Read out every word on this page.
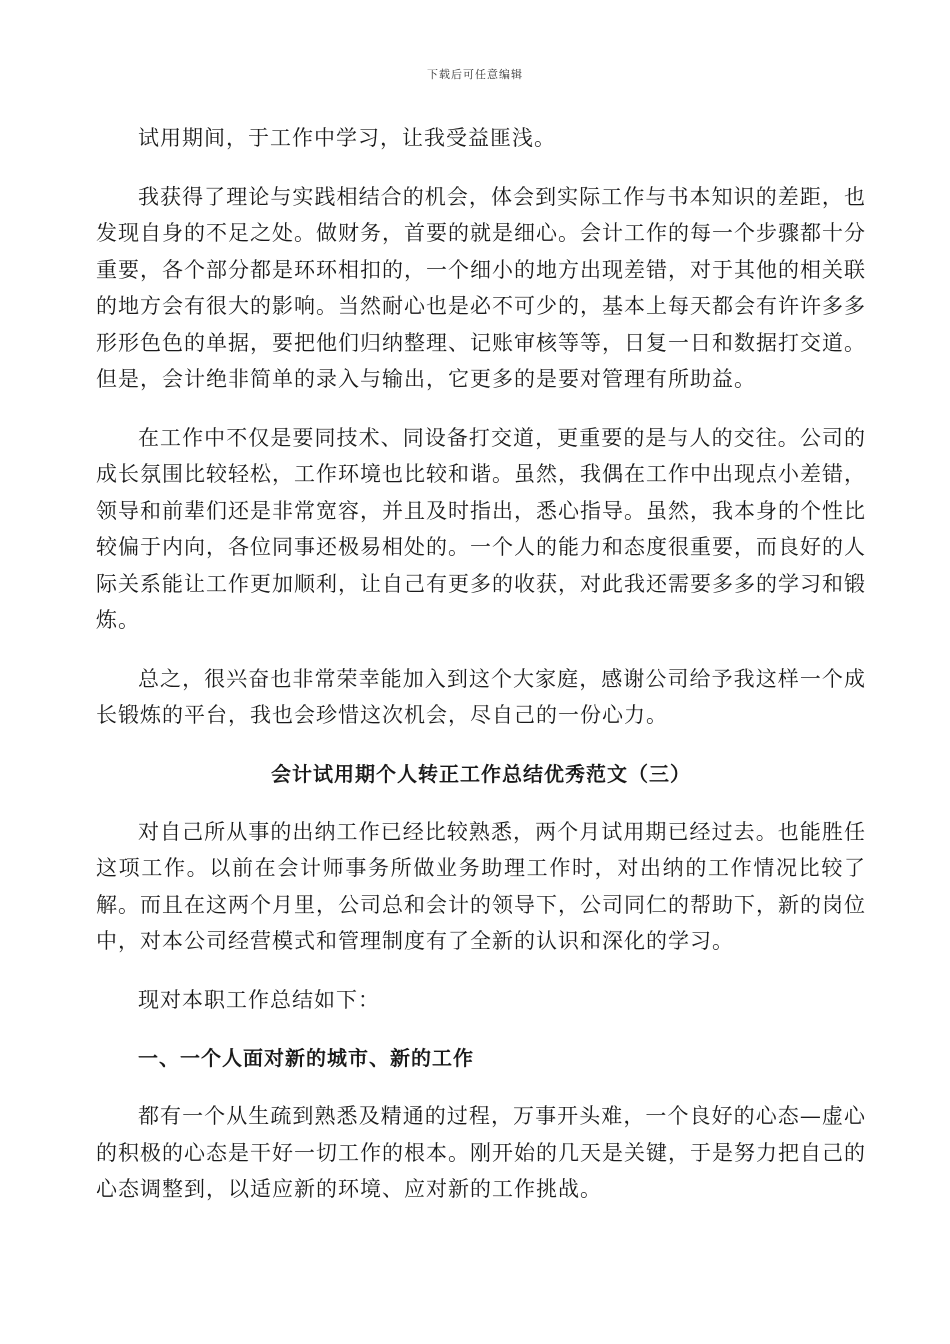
下载后可任意编辑

试用期间，于工作中学习，让我受益匪浅。

我获得了理论与实践相结合的机会，体会到实际工作与书本知识的差距，也发现自身的不足之处。做财务，首要的就是细心。会计工作的每一个步骤都十分重要，各个部分都是环环相扣的，一个细小的地方出现差错，对于其他的相关联的地方会有很大的影响。当然耐心也是必不可少的，基本上每天都会有许许多多形形色色的单据，要把他们归纳整理、记账审核等等，日复一日和数据打交道。但是，会计绝非简单的录入与输出，它更多的是要对管理有所助益。

在工作中不仅是要同技术、同设备打交道，更重要的是与人的交往。公司的成长氛围比较轻松，工作环境也比较和谐。虽然，我偶在工作中出现点小差错，领导和前辈们还是非常宽容，并且及时指出，悉心指导。虽然，我本身的个性比较偏于内向，各位同事还极易相处的。一个人的能力和态度很重要，而良好的人际关系能让工作更加顺利，让自己有更多的收获，对此我还需要多多的学习和锻炼。

总之，很兴奋也非常荣幸能加入到这个大家庭，感谢公司给予我这样一个成长锻炼的平台，我也会珍惜这次机会，尽自己的一份心力。

会计试用期个人转正工作总结优秀范文（三）

对自己所从事的出纳工作已经比较熟悉，两个月试用期已经过去。也能胜任这项工作。以前在会计师事务所做业务助理工作时，对出纳的工作情况比较了解。而且在这两个月里，公司总和会计的领导下，公司同仁的帮助下，新的岗位中，对本公司经营模式和管理制度有了全新的认识和深化的学习。

现对本职工作总结如下：

一、一个人面对新的城市、新的工作

都有一个从生疏到熟悉及精通的过程，万事开头难，一个良好的心态—虚心的积极的心态是干好一切工作的根本。刚开始的几天是关键，于是努力把自己的心态调整到，以适应新的环境、应对新的工作挑战。
